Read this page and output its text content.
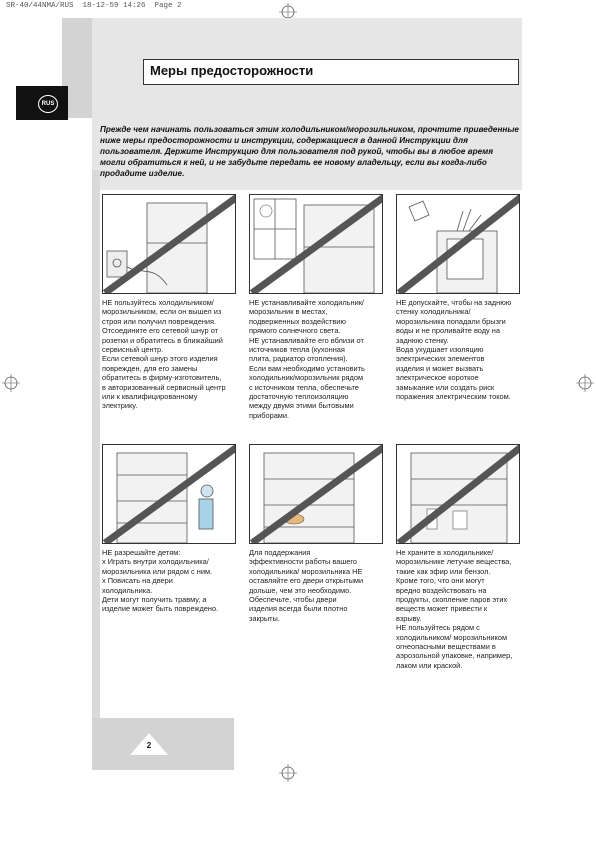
SR-40/44NMA/RUS  18-12-59 14:26  Page 2
Меры предосторожности
RUS
Прежде чем начинать пользоваться этим холодильником/морозильником, прочтите приведенные ниже меры предосторожности и инструкции, содержащиеся в данной Инструкции для пользователя. Держите Инструкцию для пользователя под рукой, чтобы вы в любое время могли обратиться к ней, и не забудьте передать ее новому владельцу, если вы когда-либо продадите изделие.
НЕ пользуйтесь холодильником/
морозильником, если он вышел из
строя или получил повреждения.
Отсоедините его сетевой шнур от
розетки и обратитесь в ближайший
сервисный центр.
Если сетевой шнур этого изделия
поврежден, для его замены
обратитесь в фирму-изготовитель,
в авторизованный сервисный центр
или к квалифицированному
электрику.
НЕ устанавливайте холодильник/
морозильник в местах,
подверженных воздействию
прямого солнечного света.
НЕ устанавливайте его вблизи от
источников тепла (кухонная
плита, радиатор отопления).
Если вам необходимо установить
холодильник/морозильник рядом
с источником тепла, обеспечьте
достаточную теплоизоляцию
между двумя этими бытовыми
приборами.
НЕ допускайте, чтобы на заднюю
стенку холодильника/
морозильника попадали брызги
воды и не проливайте воду на
заднюю стенку.
Вода ухудшает изоляцию
электрических элементов
изделия и может вызвать
электрическое короткое
замыкание или создать риск
поражения электрическим током.
НЕ разрешайте детям:
x Играть внутри холодильника/
морозильника или рядом с ним.
x Повисать на двери
холодильника.
Дети могут получить травму, а
изделие может быть повреждено.
Для поддержания
эффективности работы вашего
холодильника/ морозильника НЕ
оставляйте его двери открытыми
дольше, чем это необходимо.
Обеспечьте, чтобы двери
изделия всегда были плотно
закрыты.
Не храните в холодильнике/
морозильнике летучие вещества,
такие как эфир или бензол.
Кроме того, что они могут
вредно воздействовать на
продукты, скопление паров этих
веществ может привести к
взрыву.
НЕ пользуйтесь рядом с
холодильником/ морозильником
огнеопасными веществами в
аэрозольной упаковке, например,
лаком или краской.
2
